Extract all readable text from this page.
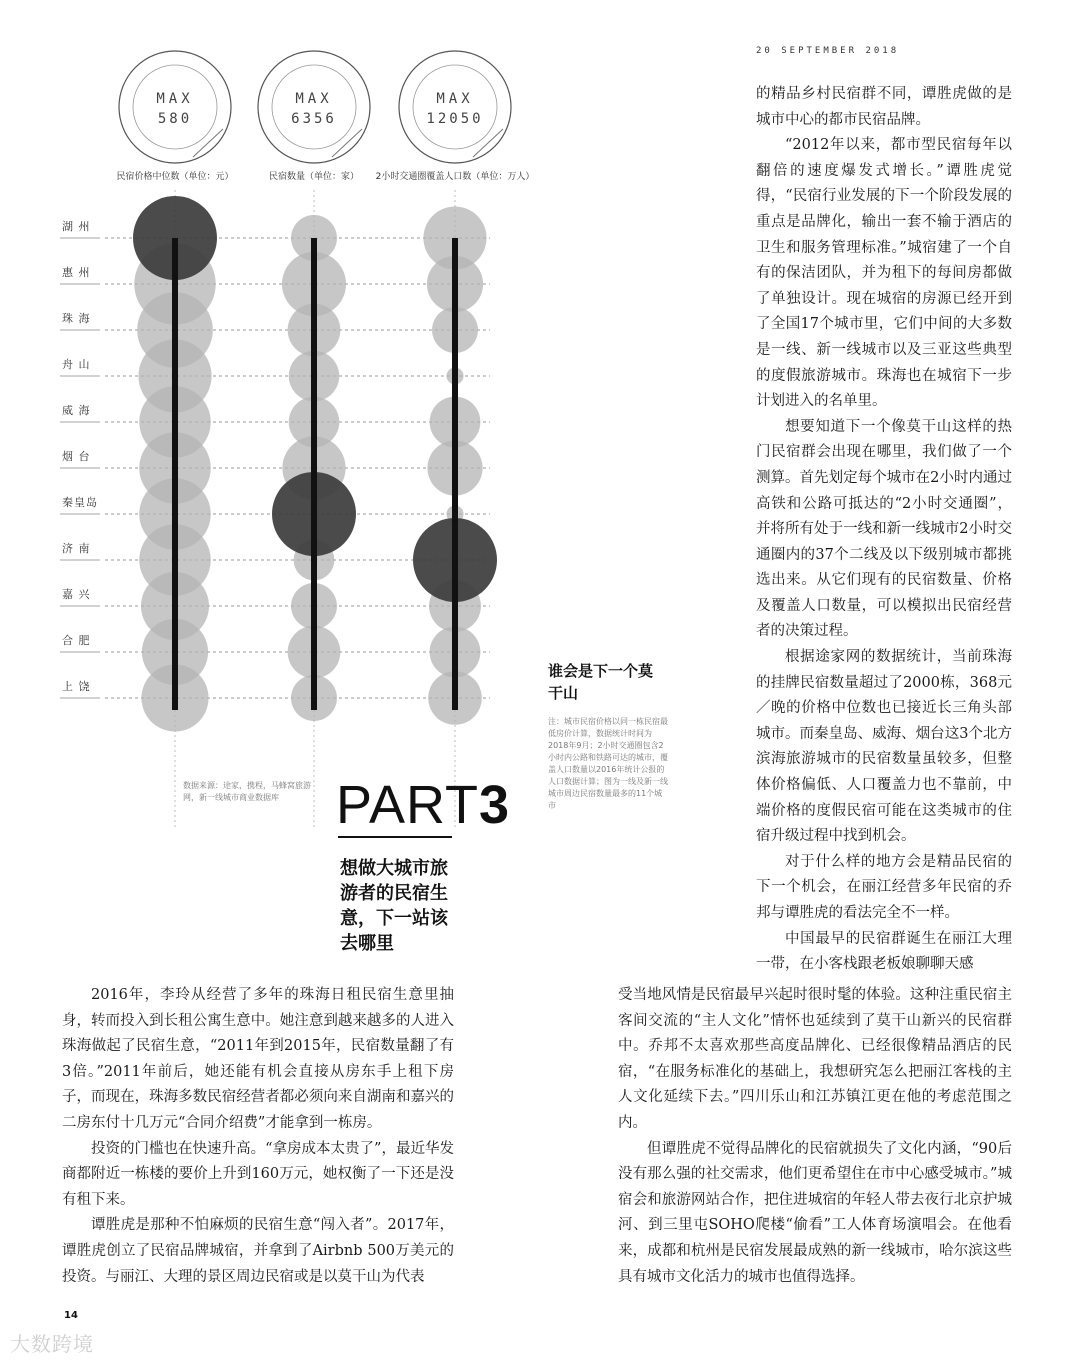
20 SEPTEMBER 2018
MAX
580
民宿价格中位数（单位：元）
MAX
6356
民宿数量（单位：家）
MAX
12050
2小时交通圈覆盖人口数（单位：万人）
湖 州
惠 州
珠 海
舟 山
威 海
烟 台
秦皇岛
济 南
嘉 兴
合 肥
上 饶
数据来源：途家，携程，马蜂窝旅游网，新一线城市商业数据库	PART3
想做大城市旅游者的民宿生意，下一站该去哪里
谁会是下一个莫干山
注：城市民宿价格以同一栋民宿最低房价计算，数据统计时间为2018年9月；2小时交通圈包含2小时内公路和铁路可达的城市，覆盖人口数量以2016年统计公报的人口数据计算；图为一线及新一线城市周边民宿数量最多的11个城市

的精品乡村民宿群不同，谭胜虎做的是城市中心的都市民宿品牌。

“2012年以来，都市型民宿每年以翻倍的速度爆发式增长。”谭胜虎觉得，“民宿行业发展的下一个阶段发展的重点是品牌化，输出一套不输于酒店的卫生和服务管理标准。”城宿建了一个自有的保洁团队，并为租下的每间房都做了单独设计。现在城宿的房源已经开到了全国17个城市里，它们中间的大多数是一线、新一线城市以及三亚这些典型的度假旅游城市。珠海也在城宿下一步计划进入的名单里。

想要知道下一个像莫干山这样的热门民宿群会出现在哪里，我们做了一个测算。首先划定每个城市在2小时内通过高铁和公路可抵达的“2小时交通圈”，并将所有处于一线和新一线城市2小时交通圈内的37个二线及以下级别城市都挑选出来。从它们现有的民宿数量、价格及覆盖人口数量，可以模拟出民宿经营者的决策过程。

根据途家网的数据统计，当前珠海的挂牌民宿数量超过了2000栋，368元／晚的价格中位数也已接近长三角头部城市。而秦皇岛、威海、烟台这3个北方滨海旅游城市的民宿数量虽较多，但整体价格偏低、人口覆盖力也不靠前，中端价格的度假民宿可能在这类城市的住宿升级过程中找到机会。

对于什么样的地方会是精品民宿的下一个机会，在丽江经营多年民宿的乔邦与谭胜虎的看法完全不一样。

中国最早的民宿群诞生在丽江大理一带，在小客栈跟老板娘聊聊天感

受当地风情是民宿最早兴起时很时髦的体验。这种注重民宿主客间交流的“主人文化”情怀也延续到了莫干山新兴的民宿群中。乔邦不太喜欢那些高度品牌化、已经很像精品酒店的民宿，“在服务标准化的基础上，我想研究怎么把丽江客栈的主人文化延续下去。”四川乐山和江苏镇江更在他的考虑范围之内。

但谭胜虎不觉得品牌化的民宿就损失了文化内涵，“90后没有那么强的社交需求，他们更希望住在市中心感受城市。”城宿会和旅游网站合作，把住进城宿的年轻人带去夜行北京护城河、到三里屯SOHO爬楼“偷看”工人体育场演唱会。在他看来，成都和杭州是民宿发展最成熟的新一线城市，哈尔滨这些具有城市文化活力的城市也值得选择。

2016年，李玲从经营了多年的珠海日租民宿生意里抽身，转而投入到长租公寓生意中。她注意到越来越多的人进入珠海做起了民宿生意，“2011年到2015年，民宿数量翻了有3倍。”2011年前后，她还能有机会直接从房东手上租下房子，而现在，珠海多数民宿经营者都必须向来自湖南和嘉兴的二房东付十几万元“合同介绍费”才能拿到一栋房。

投资的门槛也在快速升高。“拿房成本太贵了”，最近华发商都附近一栋楼的要价上升到160万元，她权衡了一下还是没有租下来。

谭胜虎是那种不怕麻烦的民宿生意“闯入者”。2017年，谭胜虎创立了民宿品牌城宿，并拿到了Airbnb 500万美元的投资。与丽江、大理的景区周边民宿或是以莫干山为代表

14
大数跨境
